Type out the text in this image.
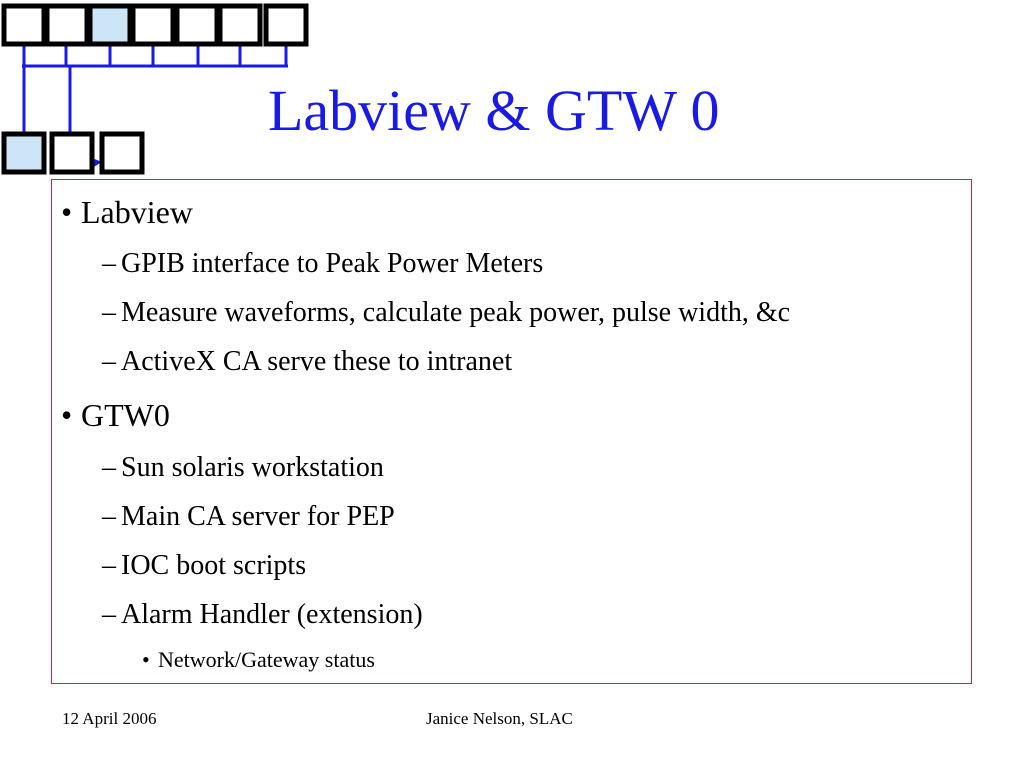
Labview & GTW 0
• Labview
– GPIB interface to Peak Power Meters
– Measure waveforms, calculate peak power, pulse width, &c
– ActiveX CA serve these to intranet
• GTW0
– Sun solaris workstation
– Main CA server for PEP
– IOC boot scripts
– Alarm Handler (extension)
• Network/Gateway status
12 April 2006	Janice Nelson, SLAC
